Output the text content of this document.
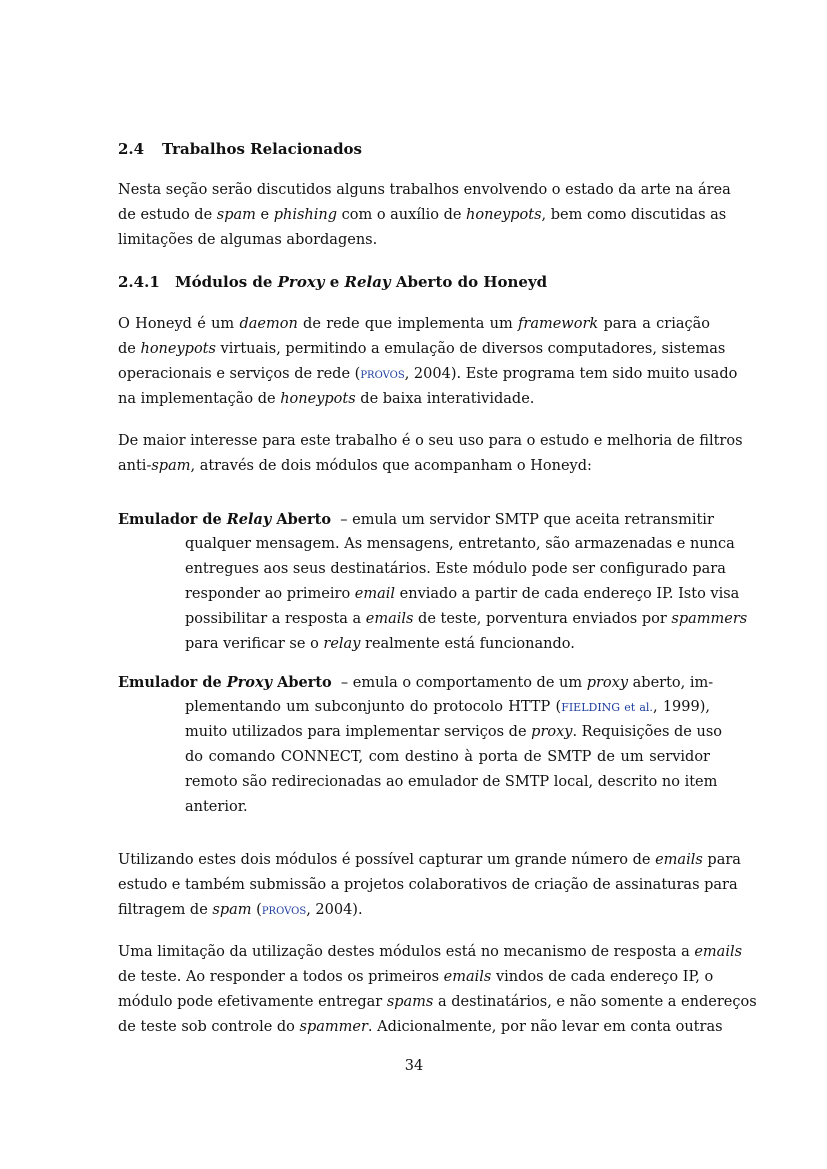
2.4 Trabalhos Relacionados
Nesta seção serão discutidos alguns trabalhos envolvendo o estado da arte na área
de estudo de spam e phishing com o auxílio de honeypots, bem como discutidas as
limitações de algumas abordagens.
2.4.1 Módulos de Proxy e Relay Aberto do Honeyd
O Honeyd é um daemon de rede que implementa um framework para a criação
de honeypots virtuais, permitindo a emulação de diversos computadores, sistemas
operacionais e serviços de rede (provos, 2004). Este programa tem sido muito usado
na implementação de honeypots de baixa interatividade.
De maior interesse para este trabalho é o seu uso para o estudo e melhoria de filtros
anti-spam, através de dois módulos que acompanham o Honeyd:
Emulador de Relay Aberto  – emula um servidor SMTP que aceita retransmitir
qualquer mensagem. As mensagens, entretanto, são armazenadas e nunca
entregues aos seus destinatários. Este módulo pode ser configurado para
responder ao primeiro email enviado a partir de cada endereço IP. Isto visa
possibilitar a resposta a emails de teste, porventura enviados por spammers
para verificar se o relay realmente está funcionando.
Emulador de Proxy Aberto  – emula o comportamento de um proxy aberto, im-
plementando um subconjunto do protocolo HTTP (FIELDING et al., 1999),
muito utilizados para implementar serviços de proxy. Requisições de uso
do comando CONNECT, com destino à porta de SMTP de um servidor
remoto são redirecionadas ao emulador de SMTP local, descrito no item
anterior.
Utilizando estes dois módulos é possível capturar um grande número de emails para
estudo e também submissão a projetos colaborativos de criação de assinaturas para
filtragem de spam (provos, 2004).
Uma limitação da utilização destes módulos está no mecanismo de resposta a emails
de teste. Ao responder a todos os primeiros emails vindos de cada endereço IP, o
módulo pode efetivamente entregar spams a destinatários, e não somente a endereços
de teste sob controle do spammer. Adicionalmente, por não levar em conta outras
34
